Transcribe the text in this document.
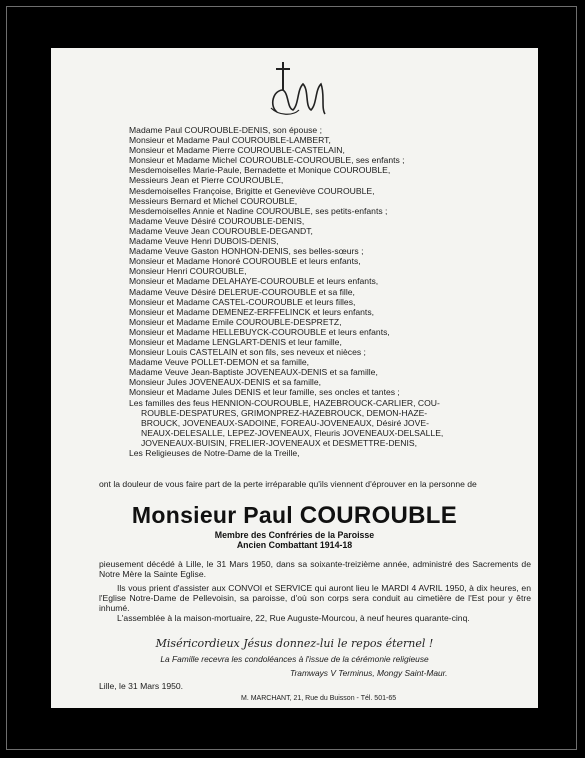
Madame Paul COUROUBLE-DENIS, son épouse ;
Monsieur et Madame Paul COUROUBLE-LAMBERT,
Monsieur et Madame Pierre COUROUBLE-CASTELAIN,
Monsieur et Madame Michel COUROUBLE-COUROUBLE, ses enfants ;
Mesdemoiselles Marie-Paule, Bernadette et Monique COUROUBLE,
Messieurs Jean et Pierre COUROUBLE,
Mesdemoiselles Françoise, Brigitte et Geneviève COUROUBLE,
Messieurs Bernard et Michel COUROUBLE,
Mesdemoiselles Annie et Nadine COUROUBLE, ses petits-enfants ;
Madame Veuve Désiré COUROUBLE-DENIS,
Madame Veuve Jean COUROUBLE-DEGANDT,
Madame Veuve Henri DUBOIS-DENIS,
Madame Veuve Gaston HONHON-DENIS, ses belles-sœurs ;
Monsieur et Madame Honoré COUROUBLE et leurs enfants,
Monsieur Henri COUROUBLE,
Monsieur et Madame DELAHAYE-COUROUBLE et leurs enfants,
Madame Veuve Désiré DELERUE-COUROUBLE et sa fille,
Monsieur et Madame CASTEL-COUROUBLE et leurs filles,
Monsieur et Madame DEMENEZ-ERFFELINCK et leurs enfants,
Monsieur et Madame Emile COUROUBLE-DESPRETZ,
Monsieur et Madame HELLEBUYCK-COUROUBLE et leurs enfants,
Monsieur et Madame LENGLART-DENIS et leur famille,
Monsieur Louis CASTELAIN et son fils, ses neveux et nièces ;
Madame Veuve POLLET-DEMON et sa famille,
Madame Veuve Jean-Baptiste JOVENEAUX-DENIS et sa famille,
Monsieur Jules JOVENEAUX-DENIS et sa famille,
Monsieur et Madame Jules DENIS et leur famille, ses oncles et tantes ;
Les familles des feus HENNION-COUROUBLE, HAZEBROUCK-CARLIER, COU-
ROUBLE-DESPATURES, GRIMONPREZ-HAZEBROUCK, DEMON-HAZE-
BROUCK, JOVENEAUX-SADOINE, FOREAU-JOVENEAUX, Désiré JOVE-
NEAUX-DELESALLE, LEPEZ-JOVENEAUX, Fleuris JOVENEAUX-DELSALLE,
JOVENEAUX-BUISIN, FRELIER-JOVENEAUX et DESMETTRE-DENIS,
Les Religieuses de Notre-Dame de la Treille,
ont la douleur de vous faire part de la perte irréparable qu'ils viennent d'éprouver en la personne de
Monsieur Paul COUROUBLE
Membre des Confréries de la Paroisse
Ancien Combattant 1914-18
pieusement décédé à Lille, le 31 Mars 1950, dans sa soixante-treizième année, administré des Sacrements de Notre Mère la Sainte Eglise.
Ils vous prient d'assister aux CONVOI et SERVICE qui auront lieu le MARDI 4 AVRIL 1950, à dix heures, en l'Eglise Notre-Dame de Pellevoisin, sa paroisse, d'où son corps sera conduit au cimetière de l'Est pour y être inhumé.
L'assemblée à la maison-mortuaire, 22, Rue Auguste-Mourcou, à neuf heures quarante-cinq.
Miséricordieux Jésus donnez-lui le repos éternel !
La Famille recevra les condoléances à l'issue de la cérémonie religieuse
Tramways V Terminus, Mongy Saint-Maur.
Lille, le 31 Mars 1950.
M. MARCHANT, 21, Rue du Buisson - Tél. 501-65
